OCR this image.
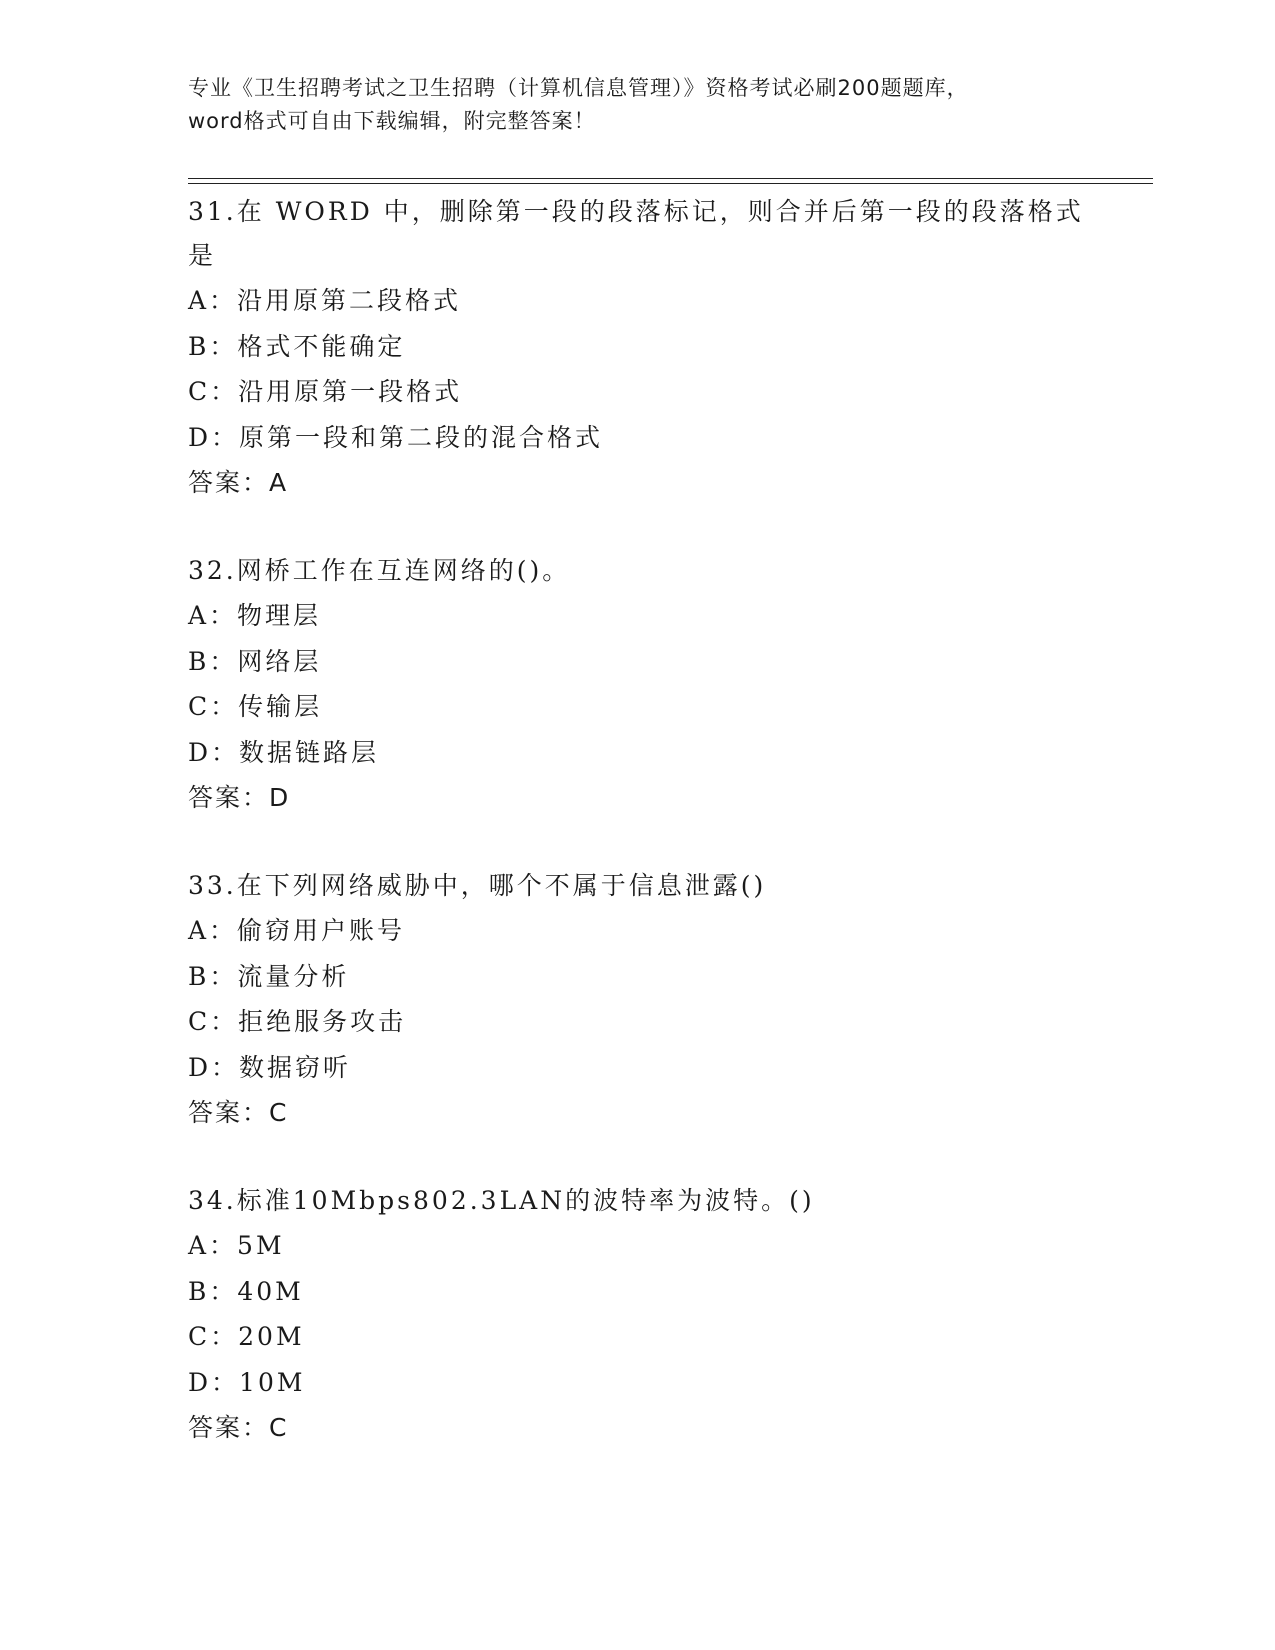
专业《卫生招聘考试之卫生招聘（计算机信息管理）》资格考试必刷200题题库，
word格式可自由下载编辑，附完整答案！

31.在 WORD 中，删除第一段的段落标记，则合并后第一段的段落格式

是

A：沿用原第二段格式

B：格式不能确定

C：沿用原第一段格式

D：原第一段和第二段的混合格式

答案：A

32.网桥工作在互连网络的()。

A：物理层

B：网络层

C：传输层

D：数据链路层

答案：D

33.在下列网络威胁中，哪个不属于信息泄露()

A：偷窃用户账号

B：流量分析

C：拒绝服务攻击

D：数据窃听

答案：C

34.标准10Mbps802.3LAN的波特率为波特。()

A：5M

B：40M

C：20M

D：10M

答案：C
